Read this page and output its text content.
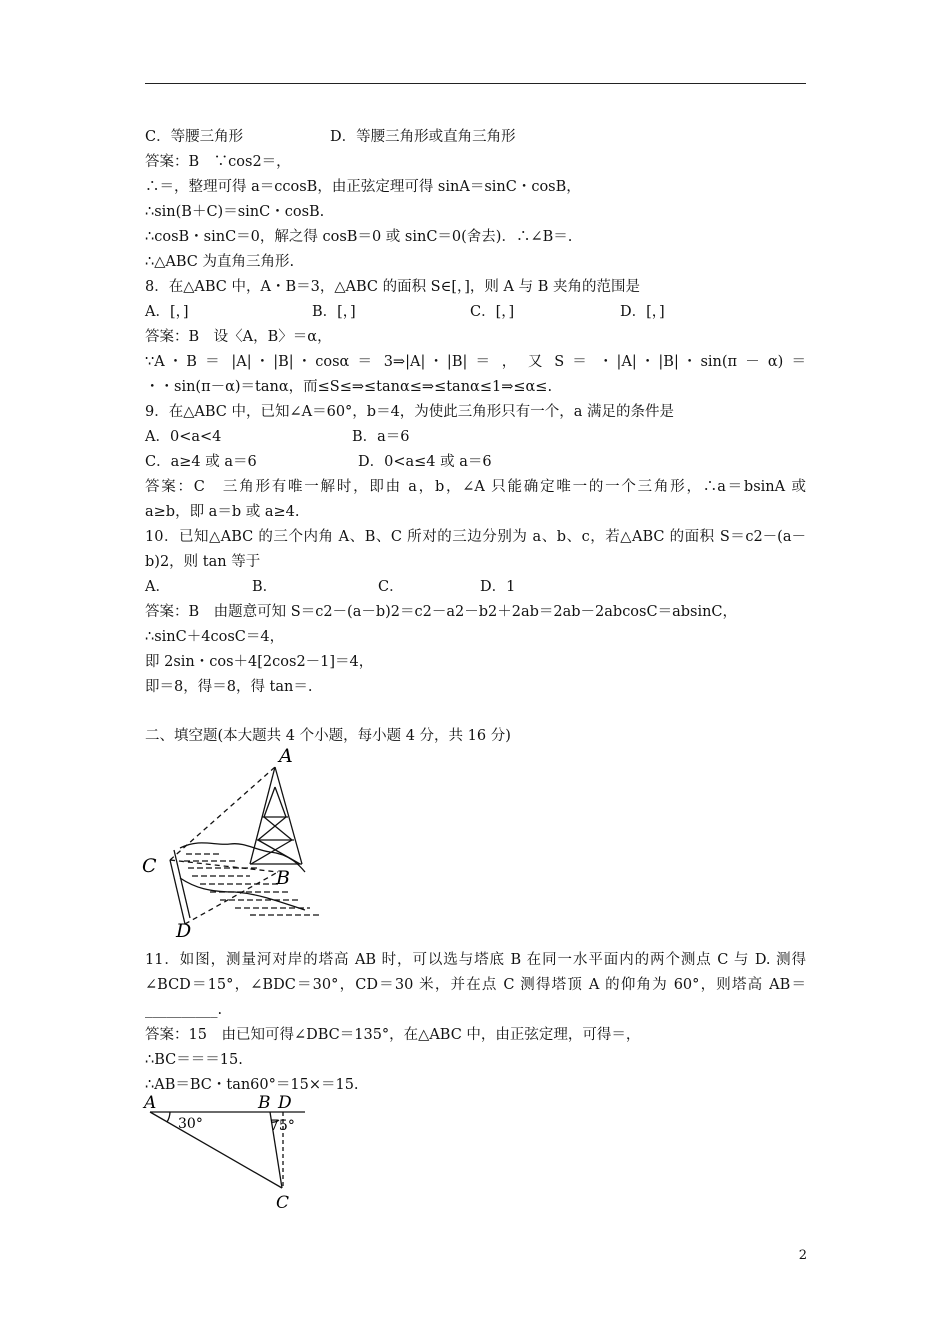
C．等腰三角形	D．等腰三角形或直角三角形
答案：B　∵cos2＝，
∴＝，整理可得 a＝ccosB，由正弦定理可得 sinA＝sinC・cosB，
∴sin(B＋C)＝sinC・cosB.
∴cosB・sinC＝0，解之得 cosB＝0 或 sinC＝0(舍去)．∴∠B＝.
∴△ABC 为直角三角形.
8．在△ABC 中，A・B＝3，△ABC 的面积 S∈[，]，则 A 与 B 夹角的范围是
A．[，]	B．[，]	C．[，]	D．[，]
答案：B　设〈A，B〉＝α，
∵A・B ＝ |A|・|B|・cosα ＝ 3⇒|A|・|B| ＝ ， 又 S ＝ ・|A|・|B|・sin(π － α) ＝
・・sin(π－α)＝tanα，而≤S≤⇒≤tanα≤⇒≤tanα≤1⇒≤α≤.
9．在△ABC 中，已知∠A＝60°，b＝4，为使此三角形只有一个，a 满足的条件是
A．0<a<4	B．a＝6
C．a≥4 或 a＝6	D．0<a≤4 或 a＝6
答案：C　三角形有唯一解时，即由 a，b，∠A 只能确定唯一的一个三角形，∴a＝bsinA 或
a≥b，即 a＝b 或 a≥4.
10．已知△ABC 的三个内角 A、B、C 所对的三边分别为 a、b、c，若△ABC 的面积 S＝c2－(a－
b)2，则 tan 等于
A．	B．	C．	D．1
答案：B　由题意可知 S＝c2－(a－b)2＝c2－a2－b2＋2ab＝2ab－2abcosC＝absinC，
∴sinC＋4cosC＝4，
即 2sin・cos＋4[2cos2－1]＝4，
即＝8，得＝8，得 tan＝.
二、填空题(本大题共 4 个小题，每小题 4 分，共 16 分)
A
B
C
D
11．如图，测量河对岸的塔高 AB 时，可以选与塔底 B 在同一水平面内的两个测点 C 与 D. 测得
∠BCD＝15°，∠BDC＝30°，CD＝30 米，并在点 C 测得塔顶 A 的仰角为 60°，则塔高 AB＝
__________.
答案：15　由已知可得∠DBC＝135°，在△ABC 中，由正弦定理，可得＝，
∴BC＝＝＝15.
∴AB＝BC・tan60°＝15×＝15.
A	B D
C
30°	75°
2
